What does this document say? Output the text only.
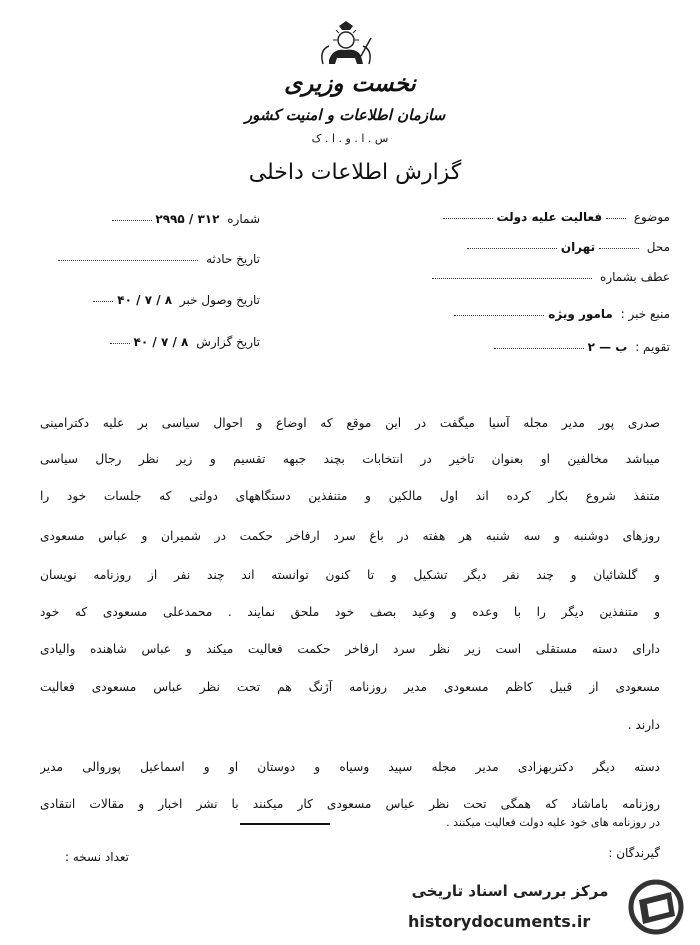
نخست وزیری
سازمان اطلاعات و امنیت کشور
س . ا . و . ا . ک
گزارش اطلاعات داخلی
موضوع  فعالیت علیه دولت
محل  تهران
عطف بشماره
منبع خبر : مامور ویژه
تقویم : ب — ۲
شماره ۳۱۲ / ۲۹۹۵
تاریخ حادثه
تاریخ وصول خبر ۸ / ۷ / ۴۰
تاریخ گزارش ۸ / ۷ / ۴۰
صدری پور مدیر مجله آسیا میگفت در این موقع که اوضاع و احوال سیاسی بر علیه دکترامینی
میباشد مخالفین او بعنوان تاخیر در انتخابات بچند جبهه تقسیم و زیر نظر رجال سیاسی
متنفذ شروع بکار کرده اند اول مالکین و متنفذین دستگاههای دولتی که جلسات خود را
روزهای دوشنبه و سه شنبه هر هفته در باغ سرد ارفاخر حکمت در شمیران و عباس مسعودی
و گلشائیان و چند نفر دیگر تشکیل و تا کنون توانسته اند چند نفر از روزنامه نویسان
و متنفذین دیگر را با وعده و وعید بصف خود ملحق نمایند . محمدعلی مسعودی که خود
دارای دسته مستقلی است زیر نظر سرد ارفاخر حکمت فعالیت میکند و عباس شاهنده والیادی
مسعودی از قبیل کاظم مسعودی مدیر روزنامه آژنگ هم تحت نظر عباس مسعودی فعالیت
دارند .
دسته دیگر دکتربهزادی مدیر مجله سپید وسیاه و دوستان او و اسماعیل پوروالی مدیر
روزنامه باماشاد که همگی تحت نظر عباس مسعودی کار میکنند با نشر اخبار و مقالات انتقادی
در روزنامه های خود علیه دولت فعالیت میکنند .
گیرندگان :
تعداد نسخه :
مرکز بررسی اسناد تاریخی
historydocuments.ir
